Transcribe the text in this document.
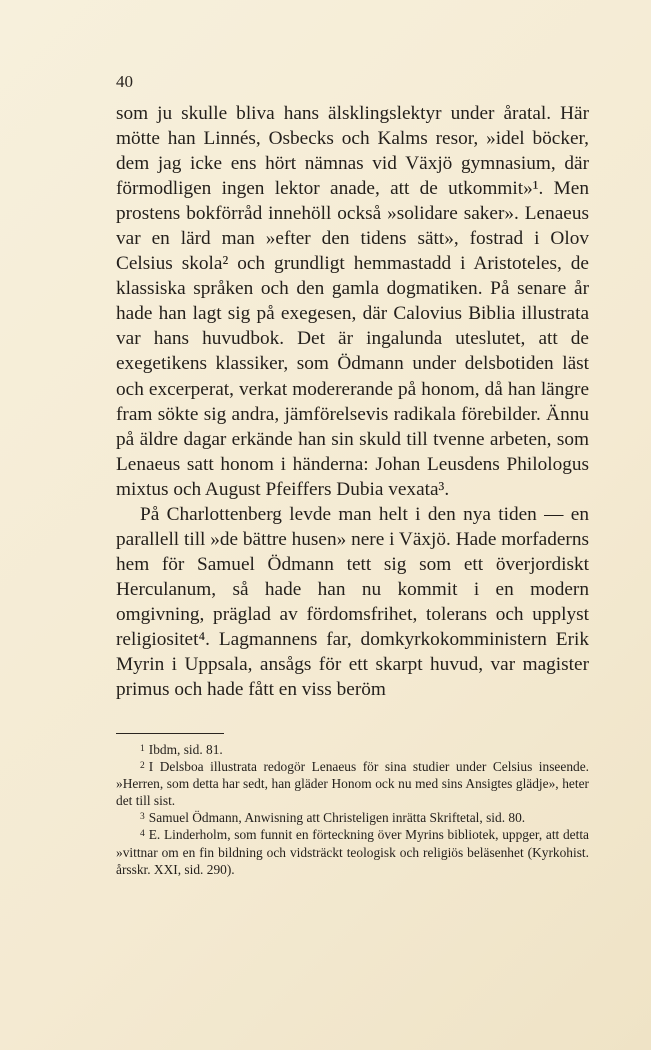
40

som ju skulle bliva hans älsklingslektyr under åratal. Här mötte han Linnés, Osbecks och Kalms resor, »idel böcker, dem jag icke ens hört nämnas vid Växjö gymnasium, där förmodligen ingen lektor anade, att de utkommit»¹. Men prostens bokförråd innehöll också »solidare saker». Lenaeus var en lärd man »efter den tidens sätt», fostrad i Olov Celsius skola² och grundligt hemmastadd i Aristoteles, de klassiska språken och den gamla dogmatiken. På senare år hade han lagt sig på exegesen, där Calovius Biblia illustrata var hans huvudbok. Det är ingalunda uteslutet, att de exegetikens klassiker, som Ödmann under delsbotiden läst och excerperat, verkat modererande på honom, då han längre fram sökte sig andra, jämförelsevis radikala förebilder. Ännu på äldre dagar erkände han sin skuld till tvenne arbeten, som Lenaeus satt honom i händerna: Johan Leusdens Philologus mixtus och August Pfeiffers Dubia vexata³.

På Charlottenberg levde man helt i den nya tiden — en parallell till »de bättre husen» nere i Växjö. Hade morfaderns hem för Samuel Ödmann tett sig som ett överjordiskt Herculanum, så hade han nu kommit i en modern omgivning, präglad av fördomsfrihet, tolerans och upplyst religiositet⁴. Lagmannens far, domkyrkokomministern Erik Myrin i Uppsala, ansågs för ett skarpt huvud, var magister primus och hade fått en viss beröm

$^1$ Ibdm, sid. 81.

$^2$ I Delsboa illustrata redogör Lenaeus för sina studier under Celsius inseende. »Herren, som detta har sedt, han gläder Honom ock nu med sins Ansigtes glädje», heter det till sist.

$^3$ Samuel Ödmann, Anwisning att Christeligen inrätta Skriftetal, sid. 80.

$^4$ E. Linderholm, som funnit en förteckning över Myrins bibliotek, uppger, att detta »vittnar om en fin bildning och vidsträckt teologisk och religiös beläsenhet (Kyrkohist. årsskr. XXI, sid. 290).
